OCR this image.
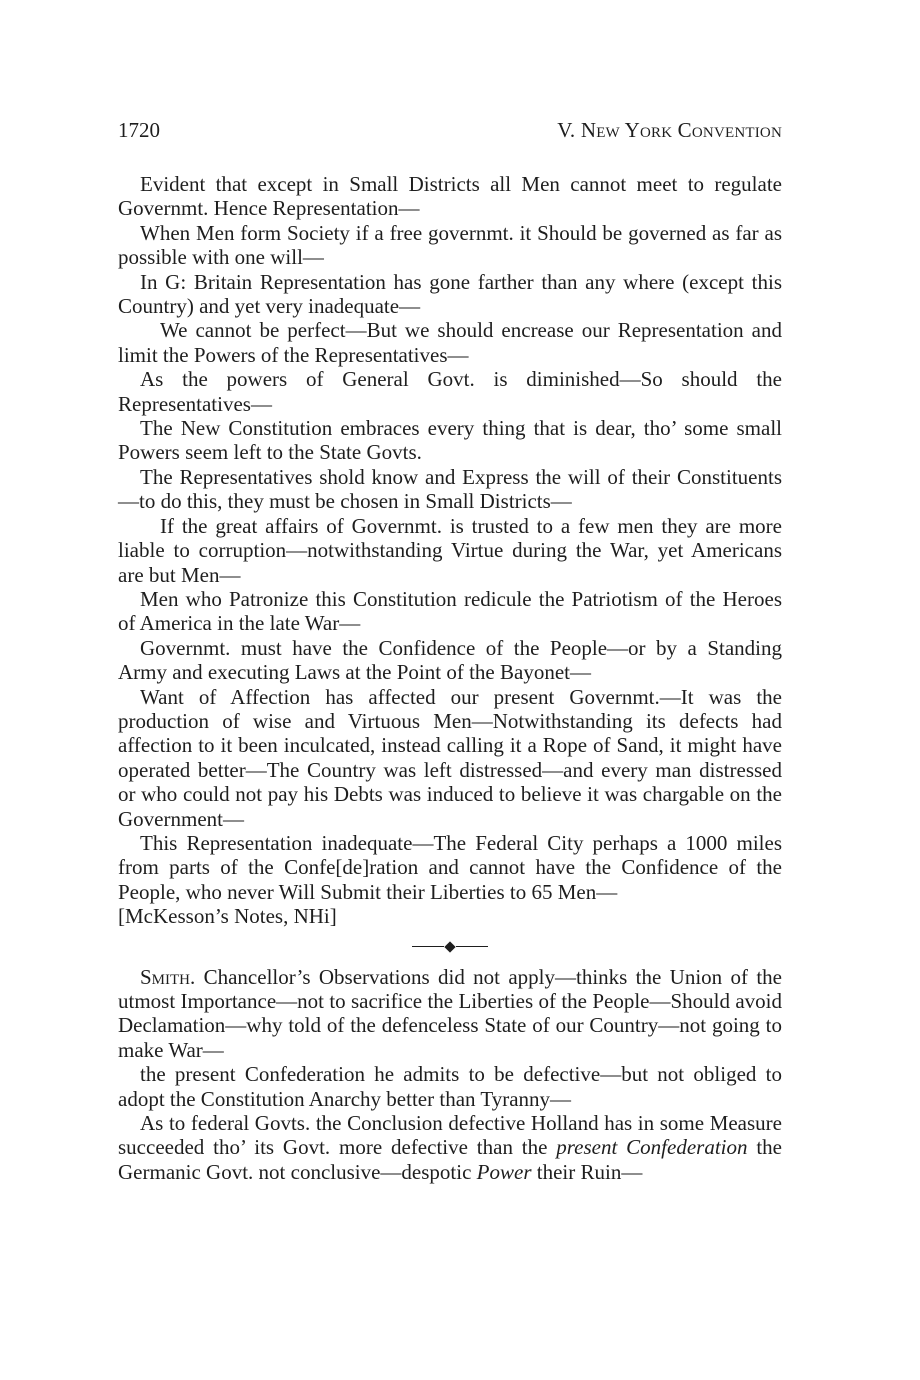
1720	V. New York Convention

Evident that except in Small Districts all Men cannot meet to regulate Governmt. Hence Representation—

When Men form Society if a free governmt. it Should be governed as far as possible with one will—

In G: Britain Representation has gone farther than any where (except this Country) and yet very inadequate—

We cannot be perfect—But we should encrease our Representation and limit the Powers of the Representatives—

As the powers of General Govt. is diminished—So should the Representatives—

The New Constitution embraces every thing that is dear, tho’ some small Powers seem left to the State Govts.

The Representatives shold know and Express the will of their Constituents—to do this, they must be chosen in Small Districts—

If the great affairs of Governmt. is trusted to a few men they are more liable to corruption—notwithstanding Virtue during the War, yet Americans are but Men—

Men who Patronize this Constitution redicule the Patriotism of the Heroes of America in the late War—

Governmt. must have the Confidence of the People—or by a Standing Army and executing Laws at the Point of the Bayonet—

Want of Affection has affected our present Governmt.—It was the production of wise and Virtuous Men—Notwithstanding its defects had affection to it been inculcated, instead calling it a Rope of Sand, it might have operated better—The Country was left distressed—and every man distressed or who could not pay his Debts was induced to believe it was chargable on the Government—

This Representation inadequate—The Federal City perhaps a 1000 miles from parts of the Confe[de]ration and cannot have the Confidence of the People, who never Will Submit their Liberties to 65 Men—

[McKesson’s Notes, NHi]

Smith. Chancellor’s Observations did not apply—thinks the Union of the utmost Importance—not to sacrifice the Liberties of the People—Should avoid Declamation—why told of the defenceless State of our Country—not going to make War—

the present Confederation he admits to be defective—but not obliged to adopt the Constitution Anarchy better than Tyranny—

As to federal Govts. the Conclusion defective Holland has in some Measure succeeded tho’ its Govt. more defective than the present Confederation the Germanic Govt. not conclusive—despotic Power their Ruin—
